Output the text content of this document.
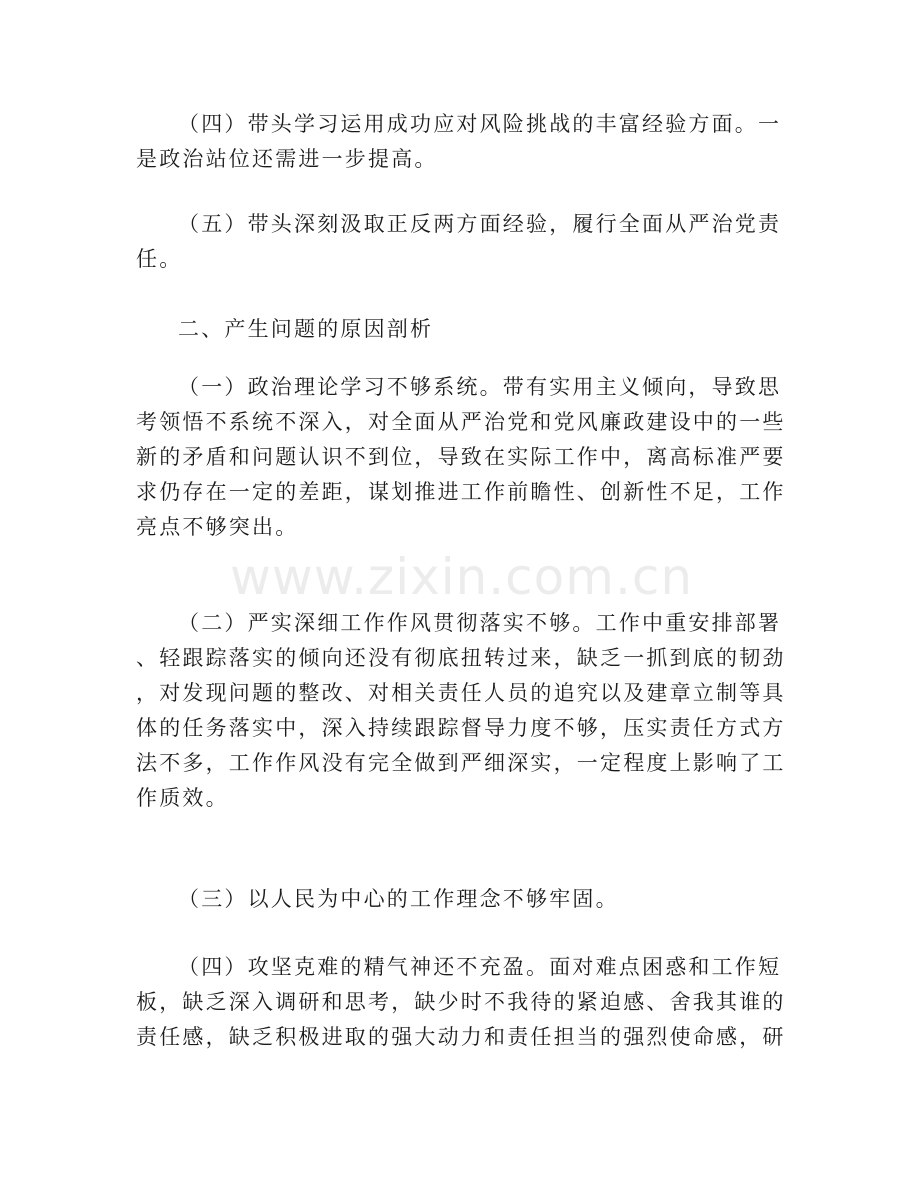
（四）带头学习运用成功应对风险挑战的丰富经验方面。一
是政治站位还需进一步提高。
（五）带头深刻汲取正反两方面经验，履行全面从严治党责
任。
二、产生问题的原因剖析
（一）政治理论学习不够系统。带有实用主义倾向，导致思
考领悟不系统不深入，对全面从严治党和党风廉政建设中的一些
新的矛盾和问题认识不到位，导致在实际工作中，离高标准严要
求仍存在一定的差距，谋划推进工作前瞻性、创新性不足，工作
亮点不够突出。
（二）严实深细工作作风贯彻落实不够。工作中重安排部署
、轻跟踪落实的倾向还没有彻底扭转过来，缺乏一抓到底的韧劲
，对发现问题的整改、对相关责任人员的追究以及建章立制等具
体的任务落实中，深入持续跟踪督导力度不够，压实责任方式方
法不多，工作作风没有完全做到严细深实，一定程度上影响了工
作质效。
（三）以人民为中心的工作理念不够牢固。
（四）攻坚克难的精气神还不充盈。面对难点困惑和工作短
板，缺乏深入调研和思考，缺少时不我待的紧迫感、舍我其谁的
责任感，缺乏积极进取的强大动力和责任担当的强烈使命感，研
www.zixin.com.cn
